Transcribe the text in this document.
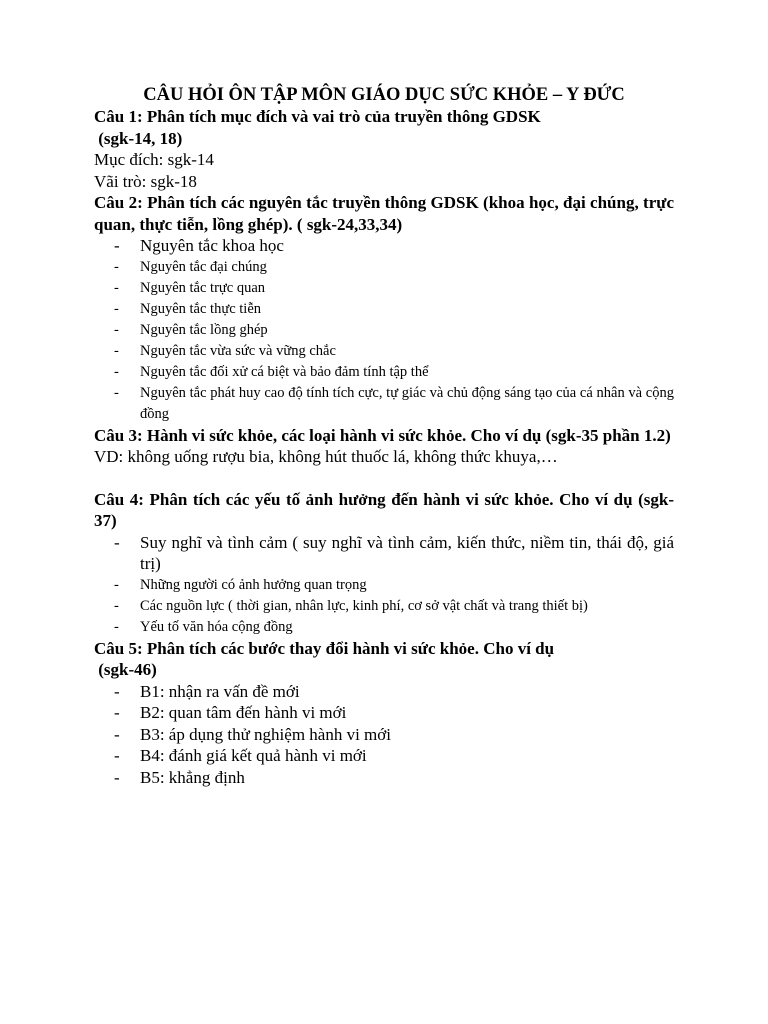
CÂU HỎI ÔN TẬP MÔN GIÁO DỤC SỨC KHỎE – Y ĐỨC

Câu 1: Phân tích mục đích và vai trò của truyền thông GDSK

(sgk-14, 18)

Mục đích: sgk-14

Vãi trò: sgk-18

Câu 2: Phân tích các nguyên tắc truyền thông GDSK (khoa học, đại chúng, trực quan, thực tiễn, lồng ghép). ( sgk-24,33,34)

- Nguyên tắc khoa học
- Nguyên tắc đại chúng
- Nguyên tắc trực quan
- Nguyên tắc thực tiễn
- Nguyên tắc lồng ghép
- Nguyên tắc vừa sức và vững chắc
- Nguyên tắc đối xử cá biệt và bảo đảm tính tập thể
- Nguyên tắc phát huy cao độ tính tích cực, tự giác và chủ động sáng tạo của cá nhân và cộng đồng

Câu 3: Hành vi sức khỏe, các loại hành vi sức khỏe. Cho ví dụ (sgk-35 phần 1.2)

VD: không uống rượu bia, không hút thuốc lá, không thức khuya,…

Câu 4: Phân tích các yếu tố ảnh hưởng đến hành vi sức khỏe. Cho ví dụ (sgk-37)

- Suy nghĩ và tình cảm ( suy nghĩ và tình cảm, kiến thức, niềm tin, thái độ, giá trị)
- Những người có ảnh hưởng quan trọng
- Các nguồn lực ( thời gian, nhân lực, kinh phí, cơ sở vật chất và trang thiết bị)
- Yếu tố văn hóa cộng đồng

Câu 5: Phân tích các bước thay đổi hành vi sức khỏe. Cho ví dụ

(sgk-46)

- B1: nhận ra vấn đề mới
- B2: quan tâm đến hành vi mới
- B3: áp dụng thử nghiệm hành vi mới
- B4: đánh giá kết quả hành vi mới
- B5: khẳng định
